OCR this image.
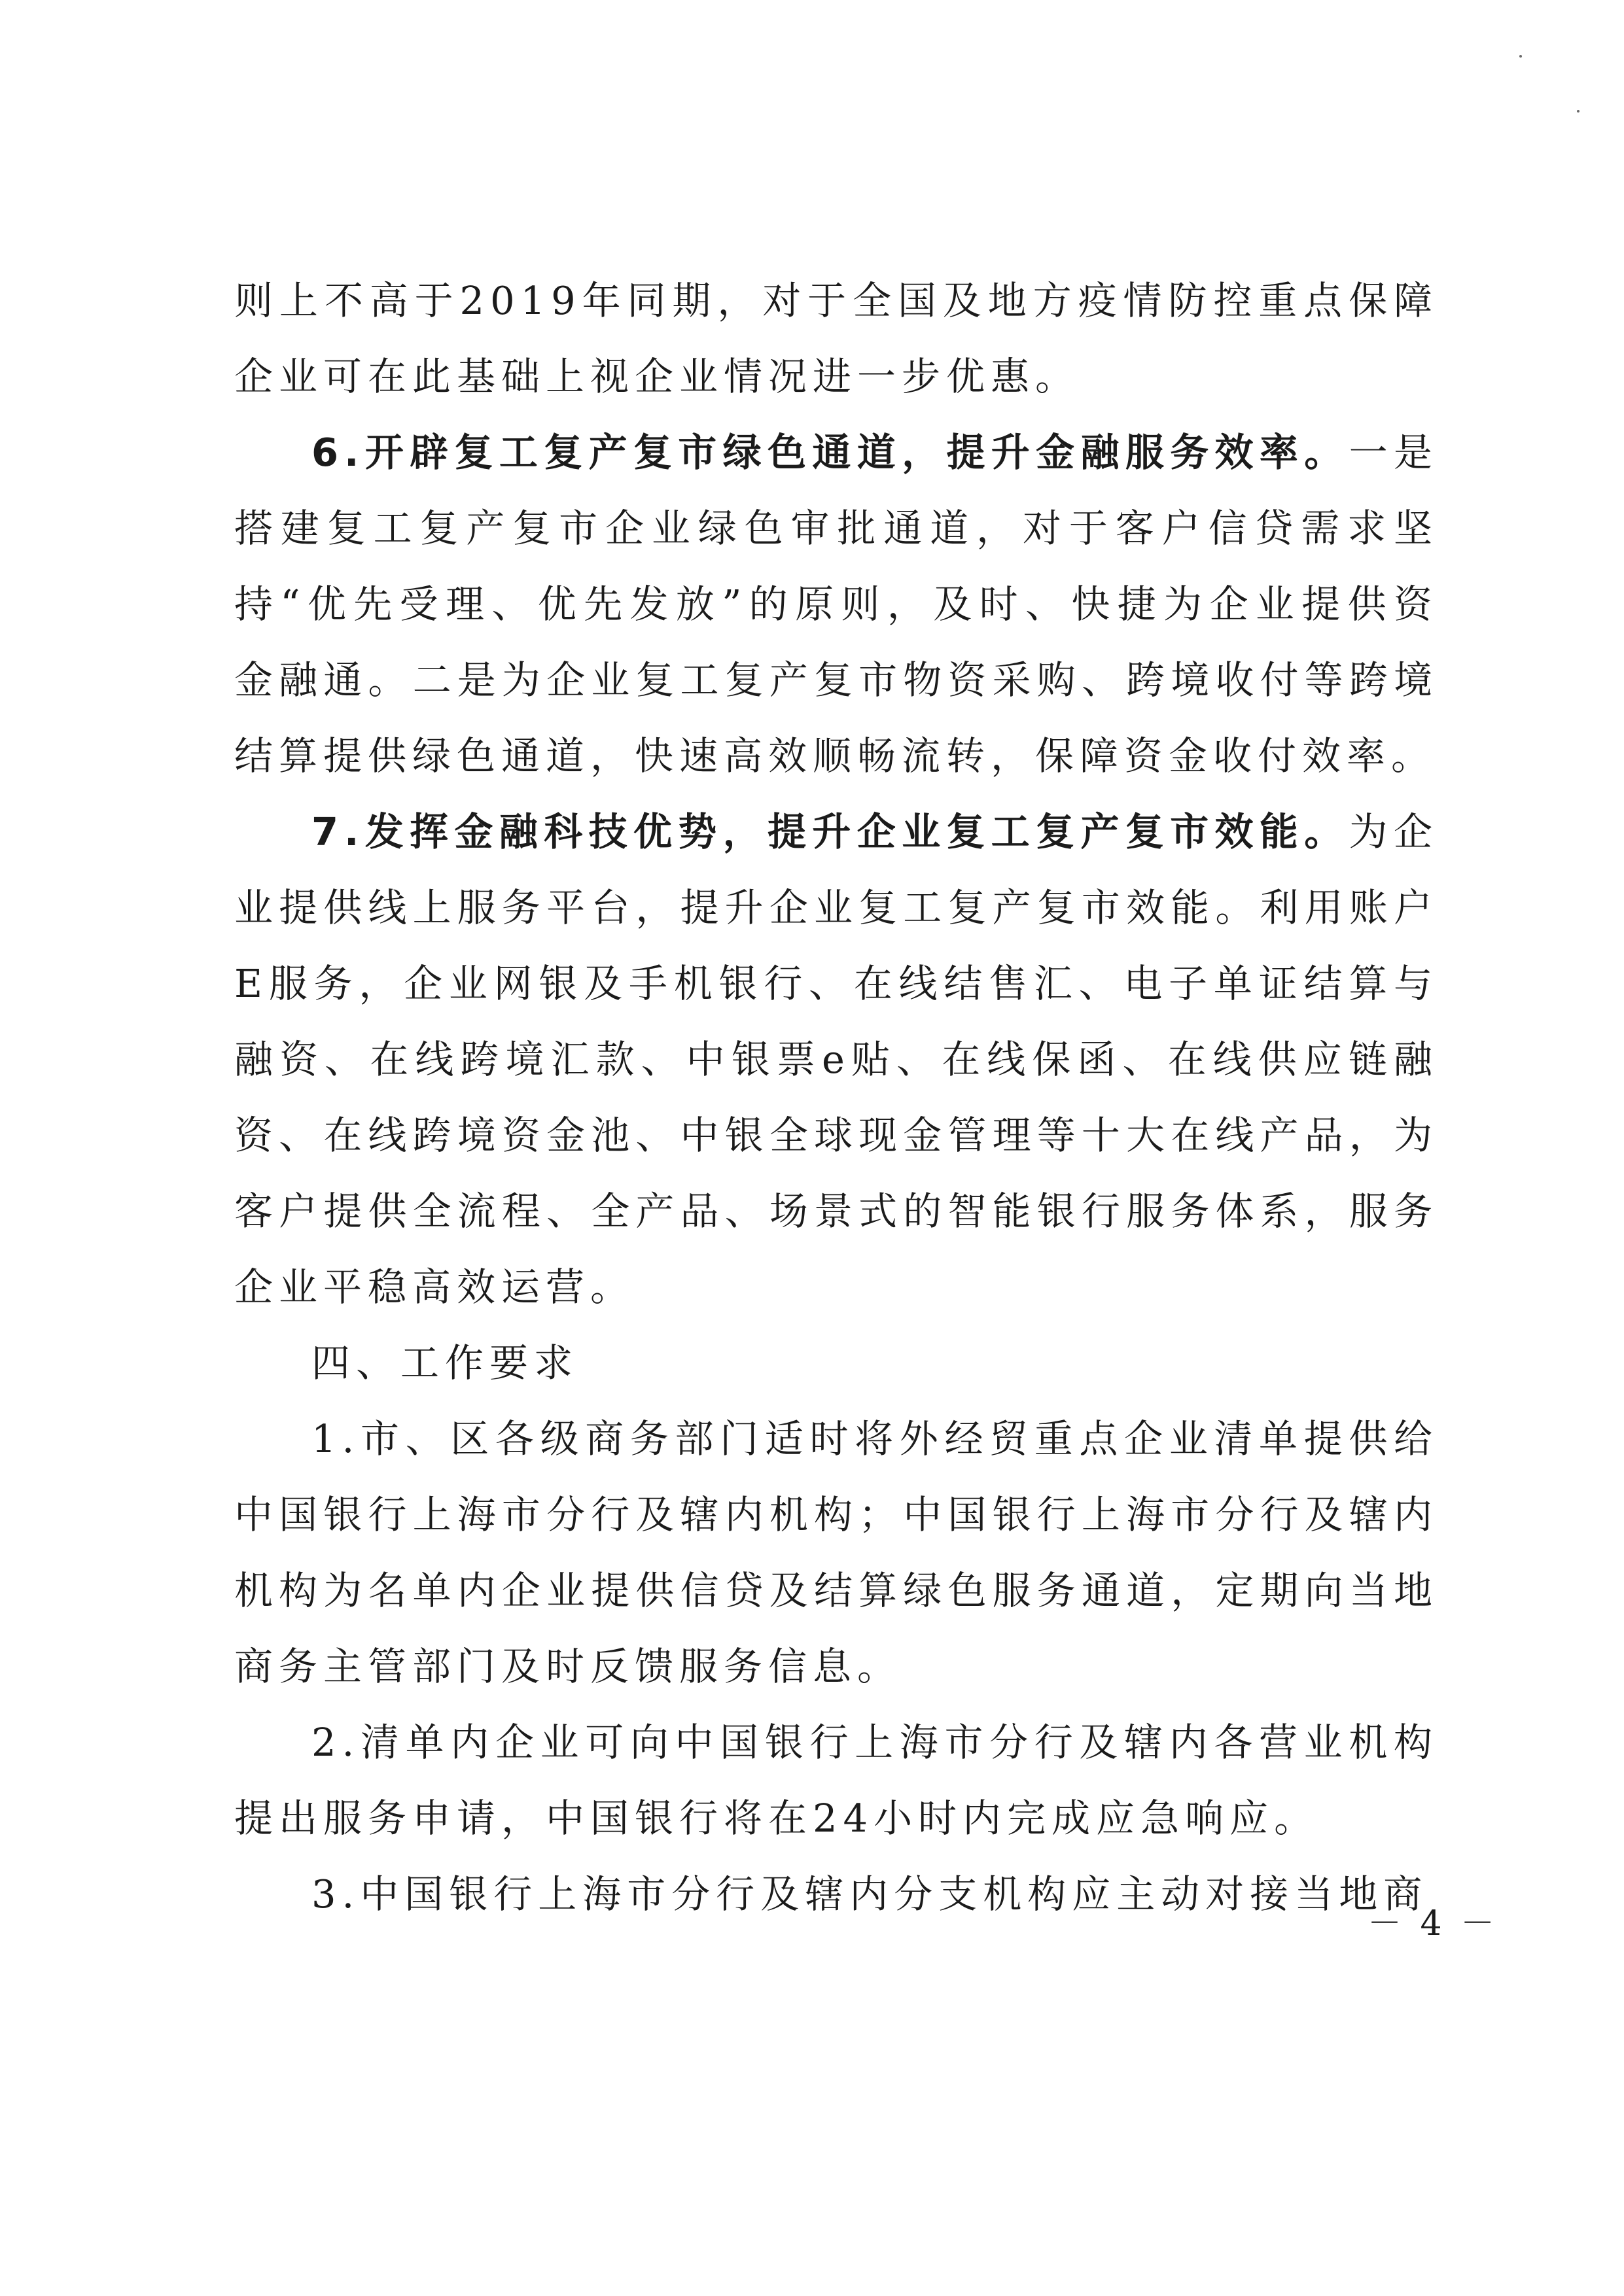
则上不高于2019年同期，对于全国及地方疫情防控重点保障企业可在此基础上视企业情况进一步优惠。

6.开辟复工复产复市绿色通道，提升金融服务效率。一是搭建复工复产复市企业绿色审批通道，对于客户信贷需求坚持“优先受理、优先发放”的原则，及时、快捷为企业提供资金融通。二是为企业复工复产复市物资采购、跨境收付等跨境结算提供绿色通道，快速高效顺畅流转，保障资金收付效率。

7.发挥金融科技优势，提升企业复工复产复市效能。为企业提供线上服务平台，提升企业复工复产复市效能。利用账户E服务，企业网银及手机银行、在线结售汇、电子单证结算与融资、在线跨境汇款、中银票e贴、在线保函、在线供应链融资、在线跨境资金池、中银全球现金管理等十大在线产品，为客户提供全流程、全产品、场景式的智能银行服务体系，服务企业平稳高效运营。

四、工作要求

1.市、区各级商务部门适时将外经贸重点企业清单提供给中国银行上海市分行及辖内机构；中国银行上海市分行及辖内机构为名单内企业提供信贷及结算绿色服务通道，定期向当地商务主管部门及时反馈服务信息。

2.清单内企业可向中国银行上海市分行及辖内各营业机构提出服务申请，中国银行将在24小时内完成应急响应。

3.中国银行上海市分行及辖内分支机构应主动对接当地商

－ 4 －
